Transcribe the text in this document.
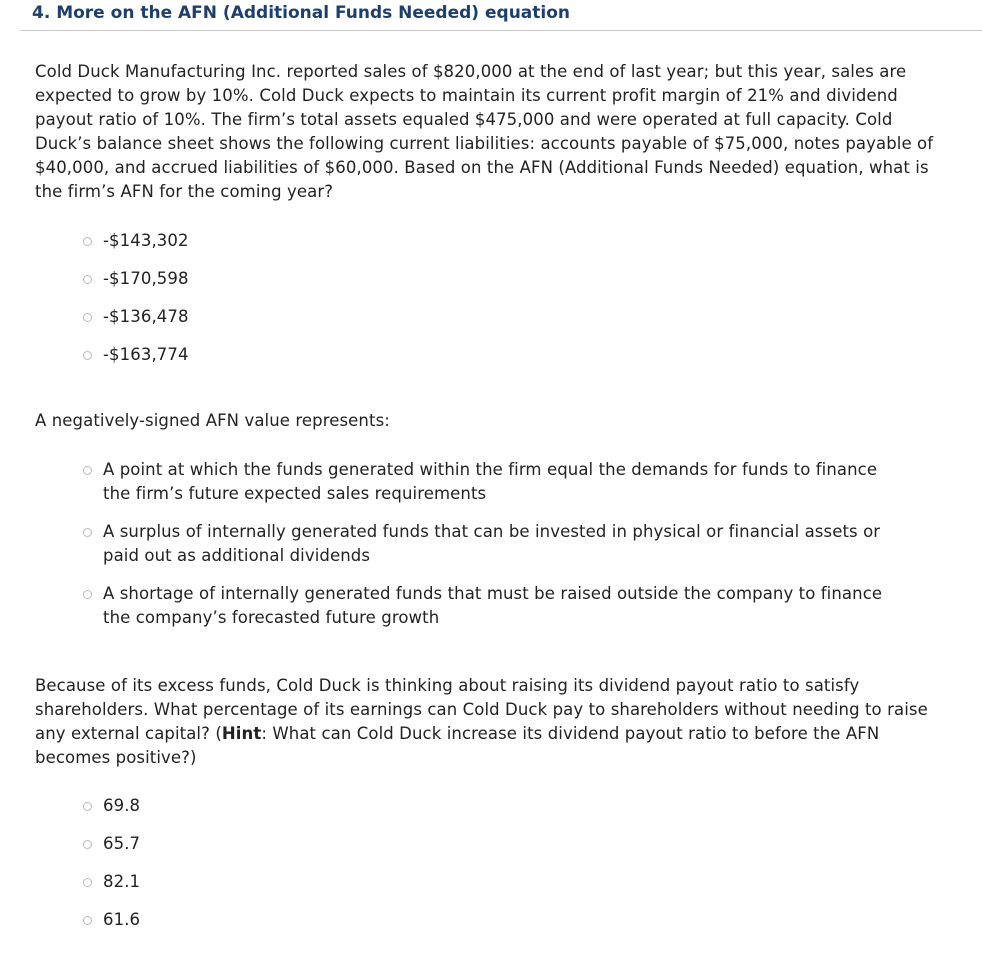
4. More on the AFN (Additional Funds Needed) equation

Cold Duck Manufacturing Inc. reported sales of $820,000 at the end of last year; but this year, sales are expected to grow by 10%. Cold Duck expects to maintain its current profit margin of 21% and dividend payout ratio of 10%. The firm’s total assets equaled $475,000 and were operated at full capacity. Cold Duck’s balance sheet shows the following current liabilities: accounts payable of $75,000, notes payable of $40,000, and accrued liabilities of $60,000. Based on the AFN (Additional Funds Needed) equation, what is the firm’s AFN for the coming year?

-$143,302
-$170,598
-$136,478
-$163,774

A negatively-signed AFN value represents:

A point at which the funds generated within the firm equal the demands for funds to finance the firm’s future expected sales requirements
A surplus of internally generated funds that can be invested in physical or financial assets or paid out as additional dividends
A shortage of internally generated funds that must be raised outside the company to finance the company’s forecasted future growth

Because of its excess funds, Cold Duck is thinking about raising its dividend payout ratio to satisfy shareholders. What percentage of its earnings can Cold Duck pay to shareholders without needing to raise any external capital? (Hint: What can Cold Duck increase its dividend payout ratio to before the AFN becomes positive?)

69.8
65.7
82.1
61.6
